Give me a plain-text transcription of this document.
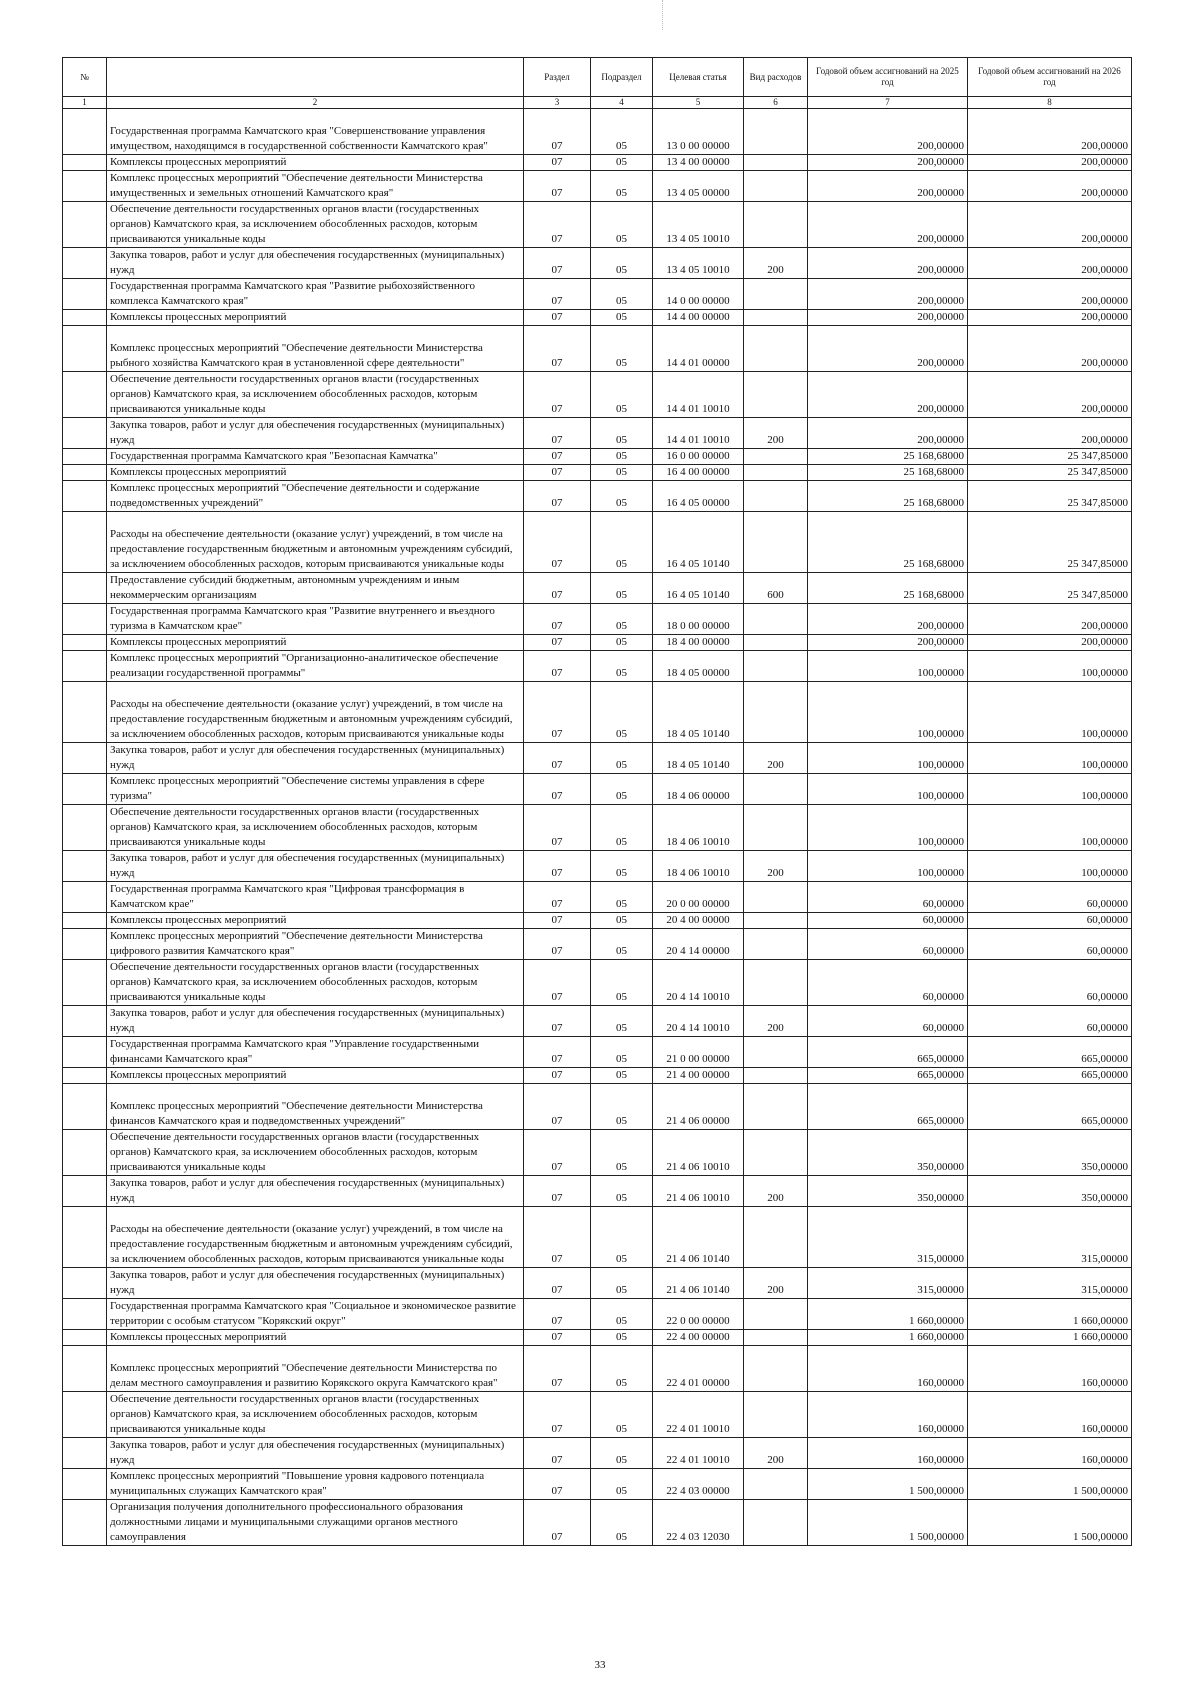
№		Раздел	Подраздел	Целевая статья	Вид расходов	Годовой объем ассигнований на 2025 год	Годовой объем ассигнований на 2026 год
1	2	3	4	5	6	7	8
	Государственная программа Камчатского края "Совершенствование управления имуществом, находящимся в государственной собственности Камчатского края"	07	05	13 0 00 00000		200,00000	200,00000
	Комплексы процессных мероприятий	07	05	13 4 00 00000		200,00000	200,00000
	Комплекс процессных мероприятий "Обеспечение деятельности Министерства имущественных и земельных отношений Камчатского края"	07	05	13 4 05 00000		200,00000	200,00000
	Обеспечение деятельности государственных органов власти (государственных органов) Камчатского края, за исключением обособленных расходов, которым присваиваются уникальные коды	07	05	13 4 05 10010		200,00000	200,00000
	Закупка товаров, работ и услуг для обеспечения государственных (муниципальных) нужд	07	05	13 4 05 10010	200	200,00000	200,00000
	Государственная программа Камчатского края "Развитие рыбохозяйственного комплекса Камчатского края"	07	05	14 0 00 00000		200,00000	200,00000
	Комплексы процессных мероприятий	07	05	14 4 00 00000		200,00000	200,00000
	Комплекс процессных мероприятий "Обеспечение деятельности Министерства рыбного хозяйства Камчатского края в установленной сфере деятельности"	07	05	14 4 01 00000		200,00000	200,00000
	Обеспечение деятельности государственных органов власти (государственных органов) Камчатского края, за исключением обособленных расходов, которым присваиваются уникальные коды	07	05	14 4 01 10010		200,00000	200,00000
	Закупка товаров, работ и услуг для обеспечения государственных (муниципальных) нужд	07	05	14 4 01 10010	200	200,00000	200,00000
	Государственная программа Камчатского края "Безопасная Камчатка"	07	05	16 0 00 00000		25 168,68000	25 347,85000
	Комплексы процессных мероприятий	07	05	16 4 00 00000		25 168,68000	25 347,85000
	Комплекс процессных мероприятий "Обеспечение деятельности и содержание подведомственных учреждений"	07	05	16 4 05 00000		25 168,68000	25 347,85000
	Расходы на обеспечение деятельности (оказание услуг) учреждений, в том числе на предоставление государственным бюджетным и автономным учреждениям субсидий, за исключением обособленных расходов, которым присваиваются уникальные коды	07	05	16 4 05 10140		25 168,68000	25 347,85000
	Предоставление субсидий бюджетным, автономным учреждениям и иным некоммерческим организациям	07	05	16 4 05 10140	600	25 168,68000	25 347,85000
	Государственная программа Камчатского края "Развитие внутреннего и въездного туризма в Камчатском крае"	07	05	18 0 00 00000		200,00000	200,00000
	Комплексы процессных мероприятий	07	05	18 4 00 00000		200,00000	200,00000
	Комплекс процессных мероприятий "Организационно-аналитическое обеспечение реализации государственной программы"	07	05	18 4 05 00000		100,00000	100,00000
	Расходы на обеспечение деятельности (оказание услуг) учреждений, в том числе на предоставление государственным бюджетным и автономным учреждениям субсидий, за исключением обособленных расходов, которым присваиваются уникальные коды	07	05	18 4 05 10140		100,00000	100,00000
	Закупка товаров, работ и услуг для обеспечения государственных (муниципальных) нужд	07	05	18 4 05 10140	200	100,00000	100,00000
	Комплекс процессных мероприятий "Обеспечение системы управления в сфере туризма"	07	05	18 4 06 00000		100,00000	100,00000
	Обеспечение деятельности государственных органов власти (государственных органов) Камчатского края, за исключением обособленных расходов, которым присваиваются уникальные коды	07	05	18 4 06 10010		100,00000	100,00000
	Закупка товаров, работ и услуг для обеспечения государственных (муниципальных) нужд	07	05	18 4 06 10010	200	100,00000	100,00000
	Государственная программа Камчатского края "Цифровая трансформация в Камчатском крае"	07	05	20 0 00 00000		60,00000	60,00000
	Комплексы процессных мероприятий	07	05	20 4 00 00000		60,00000	60,00000
	Комплекс процессных мероприятий "Обеспечение деятельности Министерства цифрового развития Камчатского края"	07	05	20 4 14 00000		60,00000	60,00000
	Обеспечение деятельности государственных органов власти (государственных органов) Камчатского края, за исключением обособленных расходов, которым присваиваются уникальные коды	07	05	20 4 14 10010		60,00000	60,00000
	Закупка товаров, работ и услуг для обеспечения государственных (муниципальных) нужд	07	05	20 4 14 10010	200	60,00000	60,00000
	Государственная программа Камчатского края "Управление государственными финансами Камчатского края"	07	05	21 0 00 00000		665,00000	665,00000
	Комплексы процессных мероприятий	07	05	21 4 00 00000		665,00000	665,00000
	Комплекс процессных мероприятий "Обеспечение деятельности Министерства финансов Камчатского края и подведомственных учреждений"	07	05	21 4 06 00000		665,00000	665,00000
	Обеспечение деятельности государственных органов власти (государственных органов) Камчатского края, за исключением обособленных расходов, которым присваиваются уникальные коды	07	05	21 4 06 10010		350,00000	350,00000
	Закупка товаров, работ и услуг для обеспечения государственных (муниципальных) нужд	07	05	21 4 06 10010	200	350,00000	350,00000
	Расходы на обеспечение деятельности (оказание услуг) учреждений, в том числе на предоставление государственным бюджетным и автономным учреждениям субсидий, за исключением обособленных расходов, которым присваиваются уникальные коды	07	05	21 4 06 10140		315,00000	315,00000
	Закупка товаров, работ и услуг для обеспечения государственных (муниципальных) нужд	07	05	21 4 06 10140	200	315,00000	315,00000
	Государственная программа Камчатского края "Социальное и экономическое развитие территории с особым статусом "Корякский округ"	07	05	22 0 00 00000		1 660,00000	1 660,00000
	Комплексы процессных мероприятий	07	05	22 4 00 00000		1 660,00000	1 660,00000
	Комплекс процессных мероприятий "Обеспечение деятельности Министерства по делам местного самоуправления и развитию Корякского округа Камчатского края"	07	05	22 4 01 00000		160,00000	160,00000
	Обеспечение деятельности государственных органов власти (государственных органов) Камчатского края, за исключением обособленных расходов, которым присваиваются уникальные коды	07	05	22 4 01 10010		160,00000	160,00000
	Закупка товаров, работ и услуг для обеспечения государственных (муниципальных) нужд	07	05	22 4 01 10010	200	160,00000	160,00000
	Комплекс процессных мероприятий "Повышение уровня кадрового потенциала муниципальных служащих Камчатского края"	07	05	22 4 03 00000		1 500,00000	1 500,00000
	Организация получения дополнительного профессионального образования должностными лицами и муниципальными служащими органов местного самоуправления	07	05	22 4 03 12030		1 500,00000	1 500,00000
33
